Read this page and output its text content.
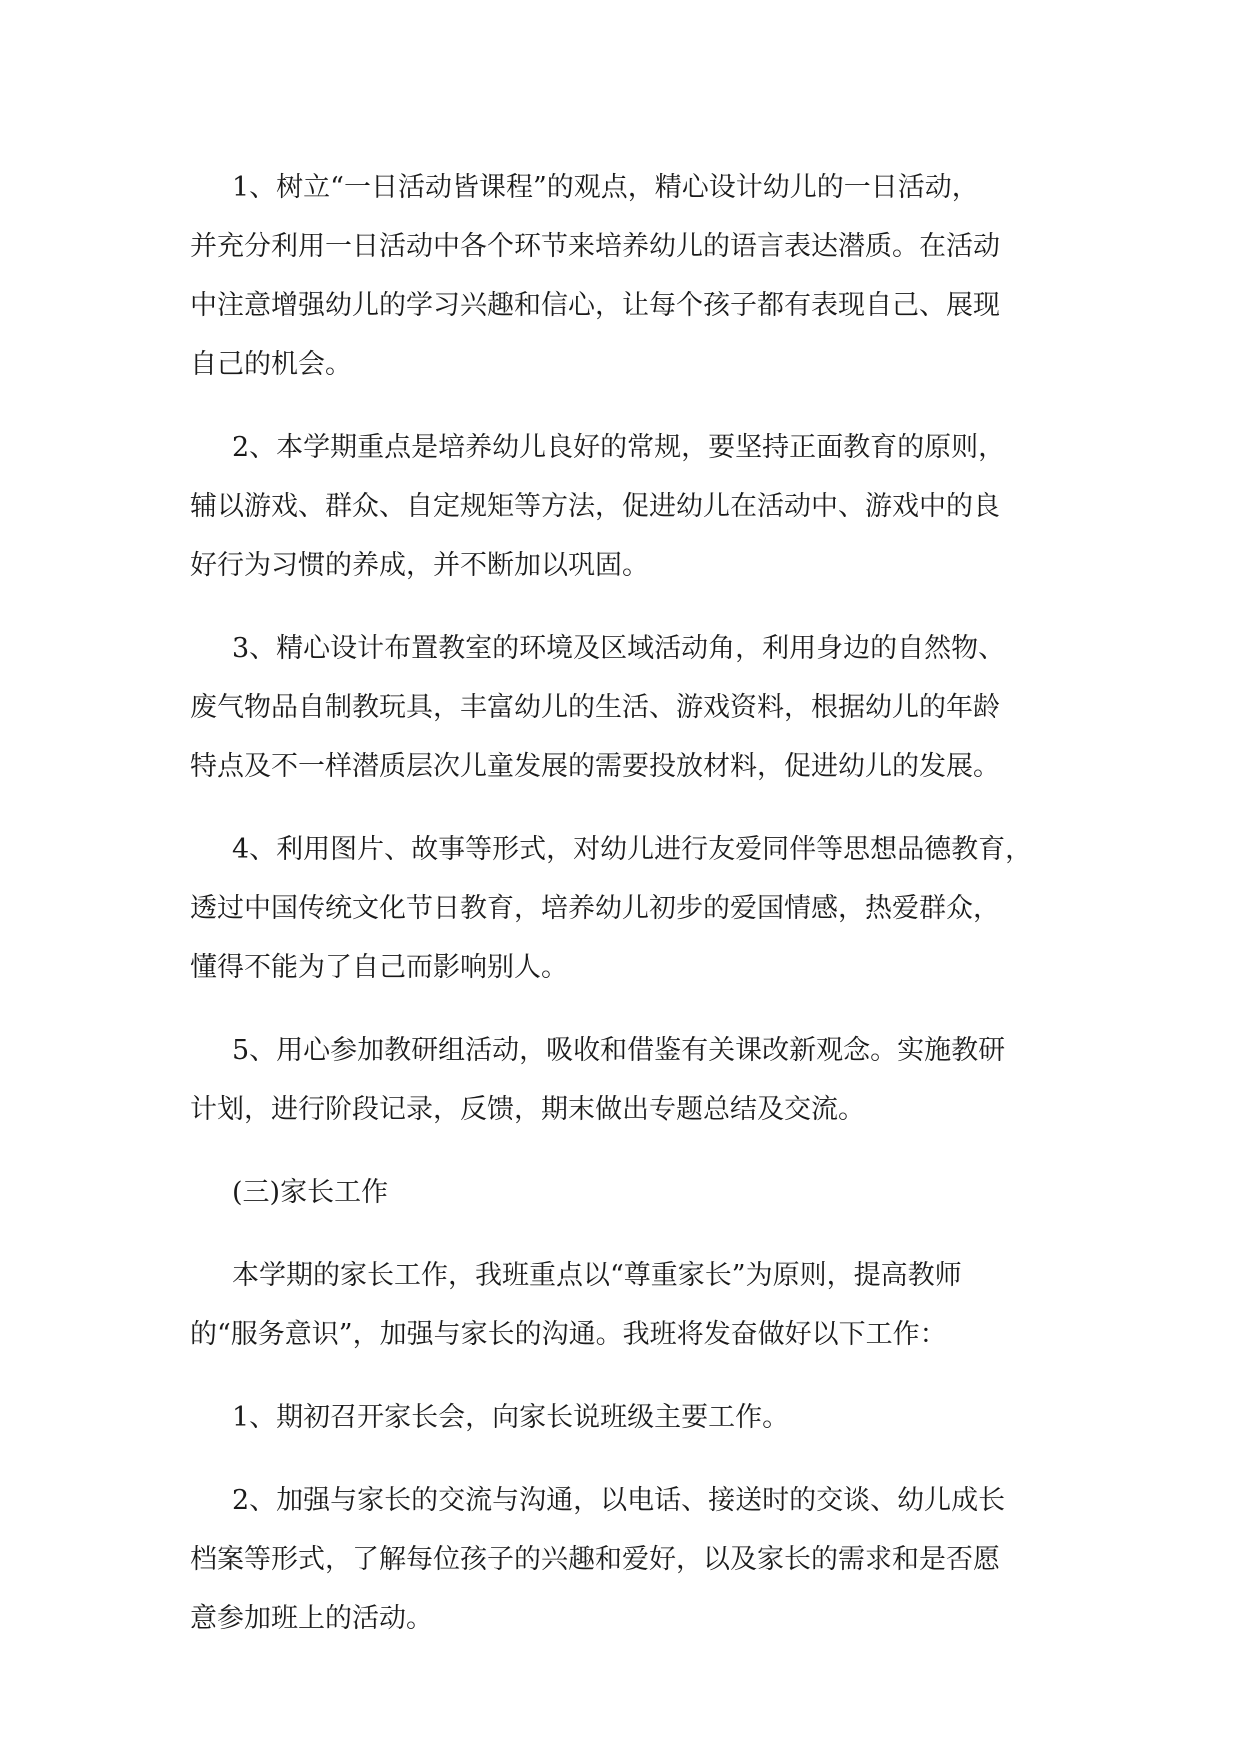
1、树立“一日活动皆课程”的观点，精心设计幼儿的一日活动，
并充分利用一日活动中各个环节来培养幼儿的语言表达潜质。在活动
中注意增强幼儿的学习兴趣和信心，让每个孩子都有表现自己、展现
自己的机会。
2、本学期重点是培养幼儿良好的常规，要坚持正面教育的原则，
辅以游戏、群众、自定规矩等方法，促进幼儿在活动中、游戏中的良
好行为习惯的养成，并不断加以巩固。
3、精心设计布置教室的环境及区域活动角，利用身边的自然物、
废气物品自制教玩具，丰富幼儿的生活、游戏资料，根据幼儿的年龄
特点及不一样潜质层次儿童发展的需要投放材料，促进幼儿的发展。
4、利用图片、故事等形式，对幼儿进行友爱同伴等思想品德教育，
透过中国传统文化节日教育，培养幼儿初步的爱国情感，热爱群众，
懂得不能为了自己而影响别人。
5、用心参加教研组活动，吸收和借鉴有关课改新观念。实施教研
计划，进行阶段记录，反馈，期末做出专题总结及交流。
(三)家长工作
本学期的家长工作，我班重点以“尊重家长”为原则，提高教师
的“服务意识”，加强与家长的沟通。我班将发奋做好以下工作：
1、期初召开家长会，向家长说班级主要工作。
2、加强与家长的交流与沟通，以电话、接送时的交谈、幼儿成长
档案等形式，了解每位孩子的兴趣和爱好，以及家长的需求和是否愿
意参加班上的活动。
